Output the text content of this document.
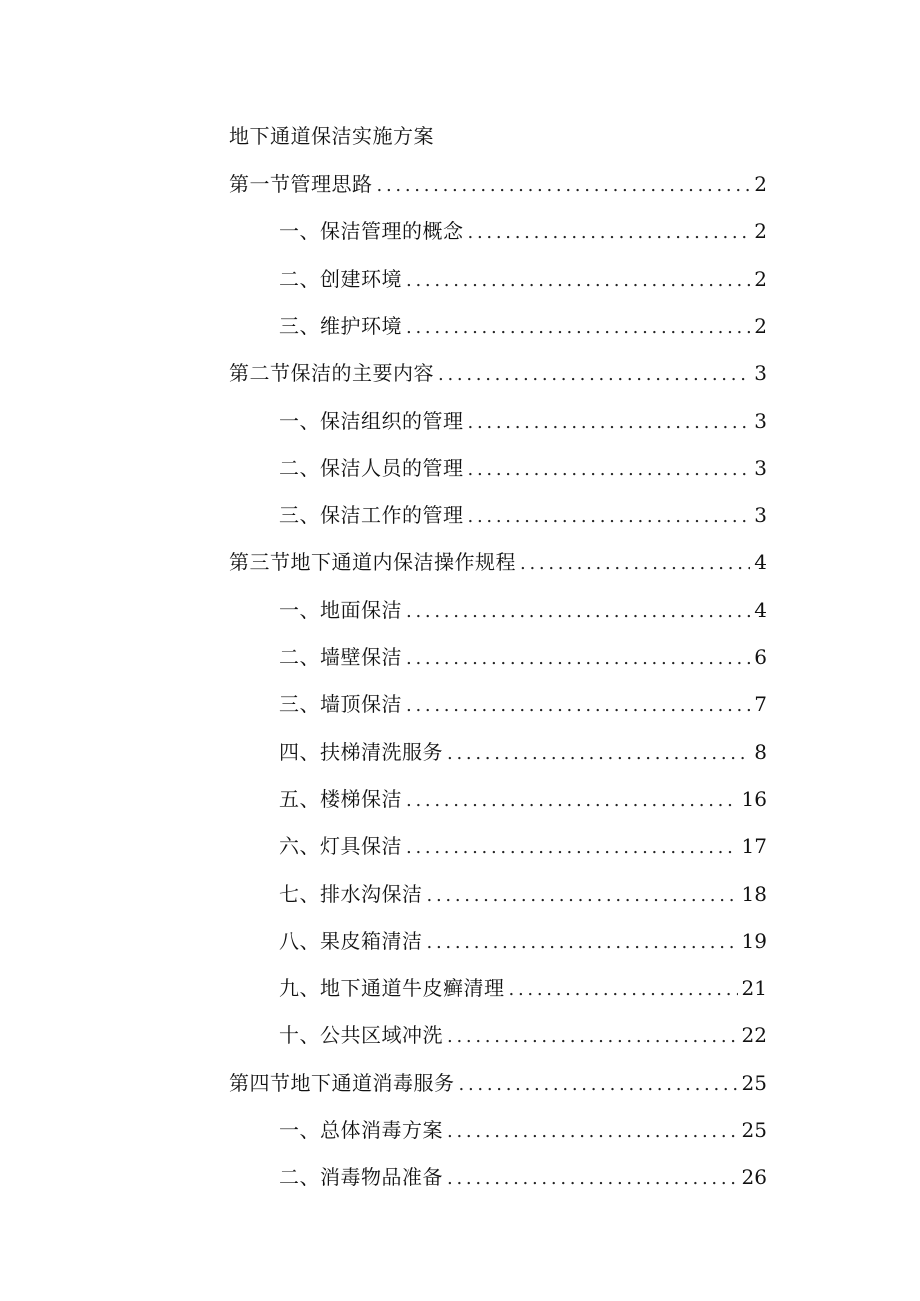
地下通道保洁实施方案
第一节管理思路 . . .	2
一、保洁管理的概念 . . .	2
二、创建环境 . . .	2
三、维护环境 . . .	2
第二节保洁的主要内容 . . .	3
一、保洁组织的管理 . . .	3
二、保洁人员的管理 . . .	3
三、保洁工作的管理 . . .	3
第三节地下通道内保洁操作规程 . . .	4
一、地面保洁 . . .	4
二、墙壁保洁 . . .	6
三、墙顶保洁 . . .	7
四、扶梯清洗服务 . . .	8
五、楼梯保洁 . . .	16
六、灯具保洁 . . .	17
七、排水沟保洁 . . .	18
八、果皮箱清洁 . . .	19
九、地下通道牛皮癣清理 . . .	21
十、公共区域冲洗 . . .	22
第四节地下通道消毒服务 . . .	25
一、总体消毒方案 . . .	25
二、消毒物品准备 . . .	26
